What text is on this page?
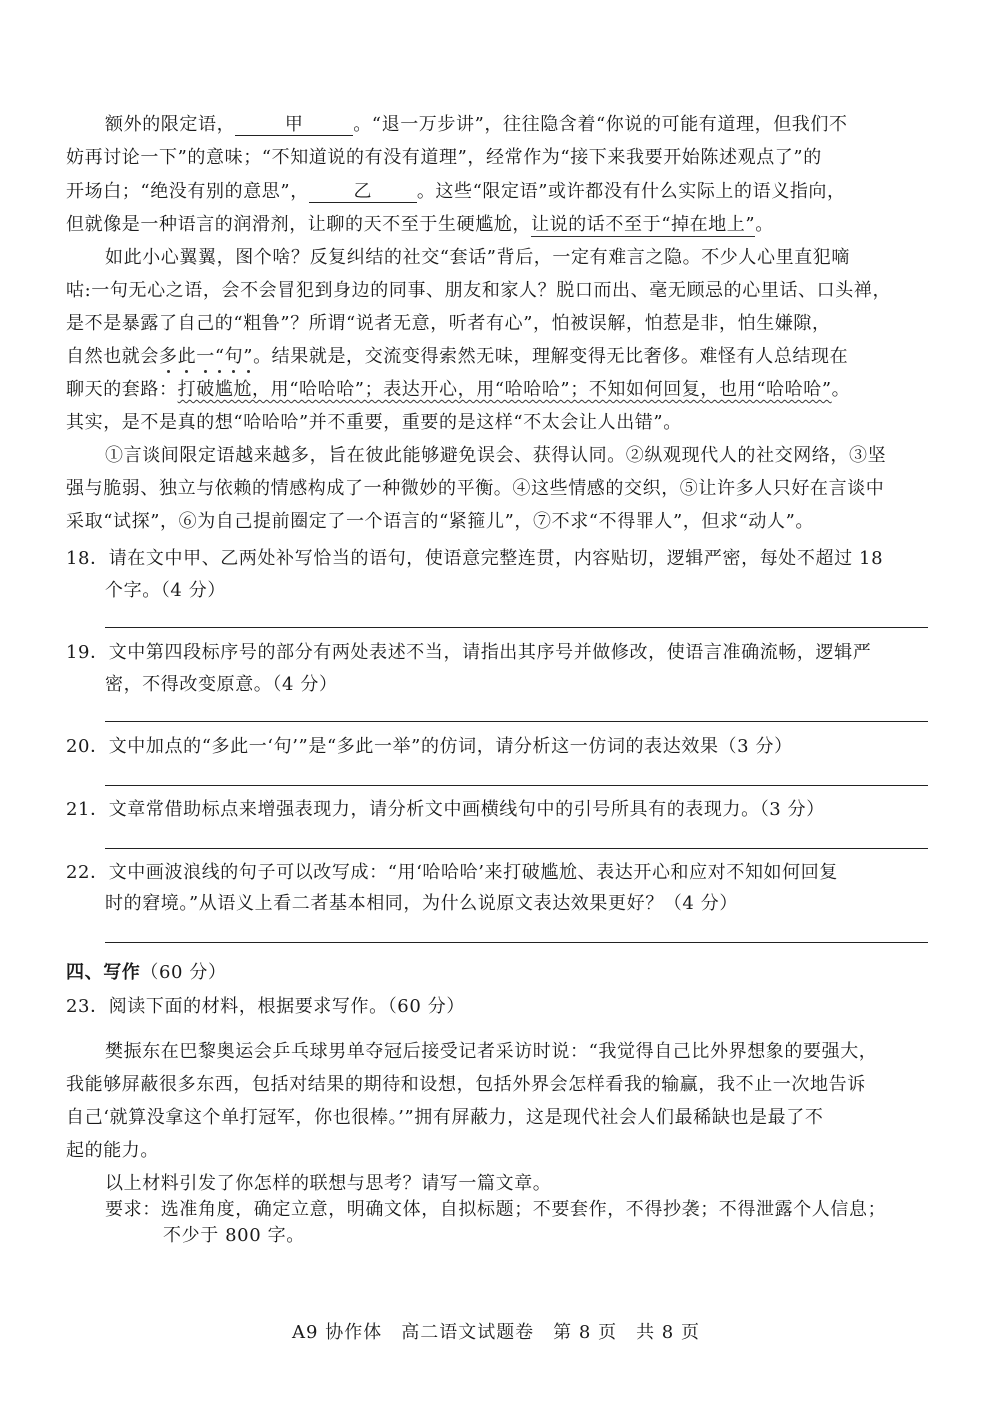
额外的限定语，	甲	。“退一万步讲”，往往隐含着“你说的可能有道理，但我们不
妨再讨论一下”的意味；“不知道说的有没有道理”，经常作为“接下来我要开始陈述观点了”的
开场白；“绝没有别的意思”， 乙 。这些“限定语”或许都没有什么实际上的语义指向，
但就像是一种语言的润滑剂，让聊的天不至于生硬尴尬，让说的话不至于“掉在地上”。
如此小心翼翼，图个啥？反复纠结的社交“套话”背后，一定有难言之隐。不少人心里直犯嘀
咕:一句无心之语，会不会冒犯到身边的同事、朋友和家人？脱口而出、毫无顾忌的心里话、口头禅，
是不是暴露了自己的“粗鲁”？所谓“说者无意，听者有心”，怕被误解，怕惹是非，怕生嫌隙，
自然也就会多此一“句”。结果就是，交流变得索然无味，理解变得无比奢侈。难怪有人总结现在
聊天的套路：打破尴尬，用“哈哈哈”；表达开心，用“哈哈哈”；不知如何回复，也用“哈哈哈”。
其实，是不是真的想“哈哈哈”并不重要，重要的是这样“不太会让人出错”。
①言谈间限定语越来越多，旨在彼此能够避免误会、获得认同。②纵观现代人的社交网络，③坚
强与脆弱、独立与依赖的情感构成了一种微妙的平衡。④这些情感的交织，⑤让许多人只好在言谈中
采取“试探”，⑥为自己提前圈定了一个语言的“紧箍儿”，⑦不求“不得罪人”，但求“动人”。
18．请在文中甲、乙两处补写恰当的语句，使语意完整连贯，内容贴切，逻辑严密，每处不超过 18
个字。（4 分）
19．文中第四段标序号的部分有两处表述不当，请指出其序号并做修改，使语言准确流畅，逻辑严
密，不得改变原意。（4 分）
20．文中加点的“多此一‘句’”是“多此一举”的仿词，请分析这一仿词的表达效果（3 分）
21．文章常借助标点来增强表现力，请分析文中画横线句中的引号所具有的表现力。（3 分）
22．文中画波浪线的句子可以改写成：“用‘哈哈哈’来打破尴尬、表达开心和应对不知如何回复
时的窘境。”从语义上看二者基本相同，为什么说原文表达效果更好？（4 分）
四、写作（60 分）
23．阅读下面的材料，根据要求写作。（60 分）
樊振东在巴黎奥运会乒乓球男单夺冠后接受记者采访时说：“我觉得自己比外界想象的要强大，
我能够屏蔽很多东西，包括对结果的期待和设想，包括外界会怎样看我的输赢，我不止一次地告诉
自己‘就算没拿这个单打冠军，你也很棒。’”拥有屏蔽力，这是现代社会人们最稀缺也是最了不
起的能力。
以上材料引发了你怎样的联想与思考？请写一篇文章。
要求：选准角度，确定立意，明确文体，自拟标题；不要套作，不得抄袭；不得泄露个人信息；
不少于 800 字。
A9 协作体　高二语文试题卷　第 8 页　共 8 页
